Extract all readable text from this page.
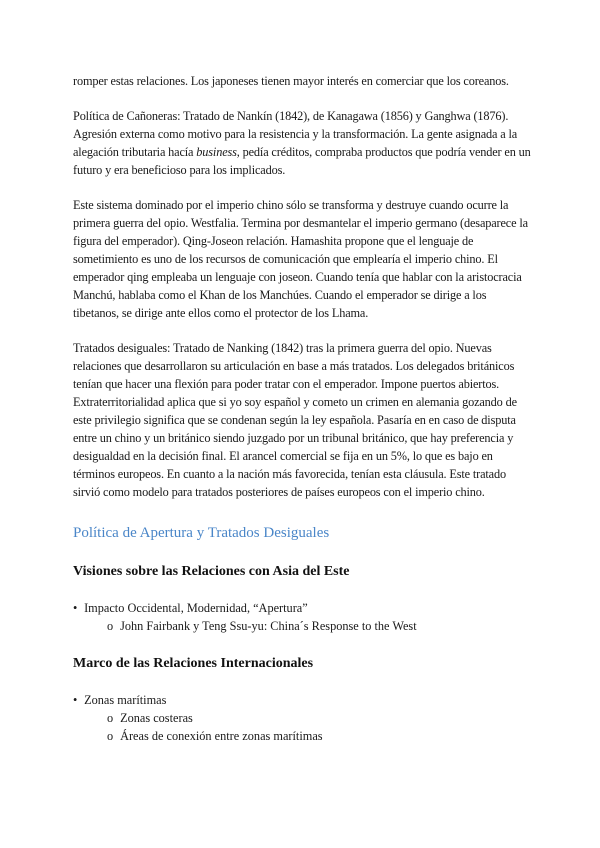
romper estas relaciones. Los japoneses tienen mayor interés en comerciar que los coreanos.

Política de Cañoneras: Tratado de Nankín (1842), de Kanagawa (1856) y Ganghwa (1876). Agresión externa como motivo para la resistencia y la transformación. La gente asignada a la alegación tributaria hacía business, pedía créditos, compraba productos que podría vender en un futuro y era beneficioso para los implicados.

Este sistema dominado por el imperio chino sólo se transforma y destruye cuando ocurre la primera guerra del opio. Westfalia. Termina por desmantelar el imperio germano (desaparece la figura del emperador). Qing-Joseon relación. Hamashita propone que el lenguaje de sometimiento es uno de los recursos de comunicación que emplearía el imperio chino. El emperador qing empleaba un lenguaje con joseon. Cuando tenía que hablar con la aristocracia Manchú, hablaba como el Khan de los Manchúes. Cuando el emperador se dirige a los tibetanos, se dirige ante ellos como el protector de los Lhama.

Tratados desiguales: Tratado de Nanking (1842) tras la primera guerra del opio. Nuevas relaciones que desarrollaron su articulación en base a más tratados. Los delegados británicos tenían que hacer una flexión para poder tratar con el emperador. Impone puertos abiertos. Extraterritorialidad aplica que si yo soy español y cometo un crimen en alemania gozando de este privilegio significa que se condenan según la ley española. Pasaría en en caso de disputa entre un chino y un británico siendo juzgado por un tribunal británico, que hay preferencia y desigualdad en la decisión final. El arancel comercial se fija en un 5%, lo que es bajo en términos europeos. En cuanto a la nación más favorecida, tenían esta cláusula. Este tratado sirvió como modelo para tratados posteriores de países europeos con el imperio chino.

Política de Apertura y Tratados Desiguales
Visiones sobre las Relaciones con Asia del Este
• Impacto Occidental, Modernidad, “Apertura”
o John Fairbank y Teng Ssu-yu: China´s Response to the West
Marco de las Relaciones Internacionales
• Zonas marítimas
o Zonas costeras
o Áreas de conexión entre zonas marítimas
